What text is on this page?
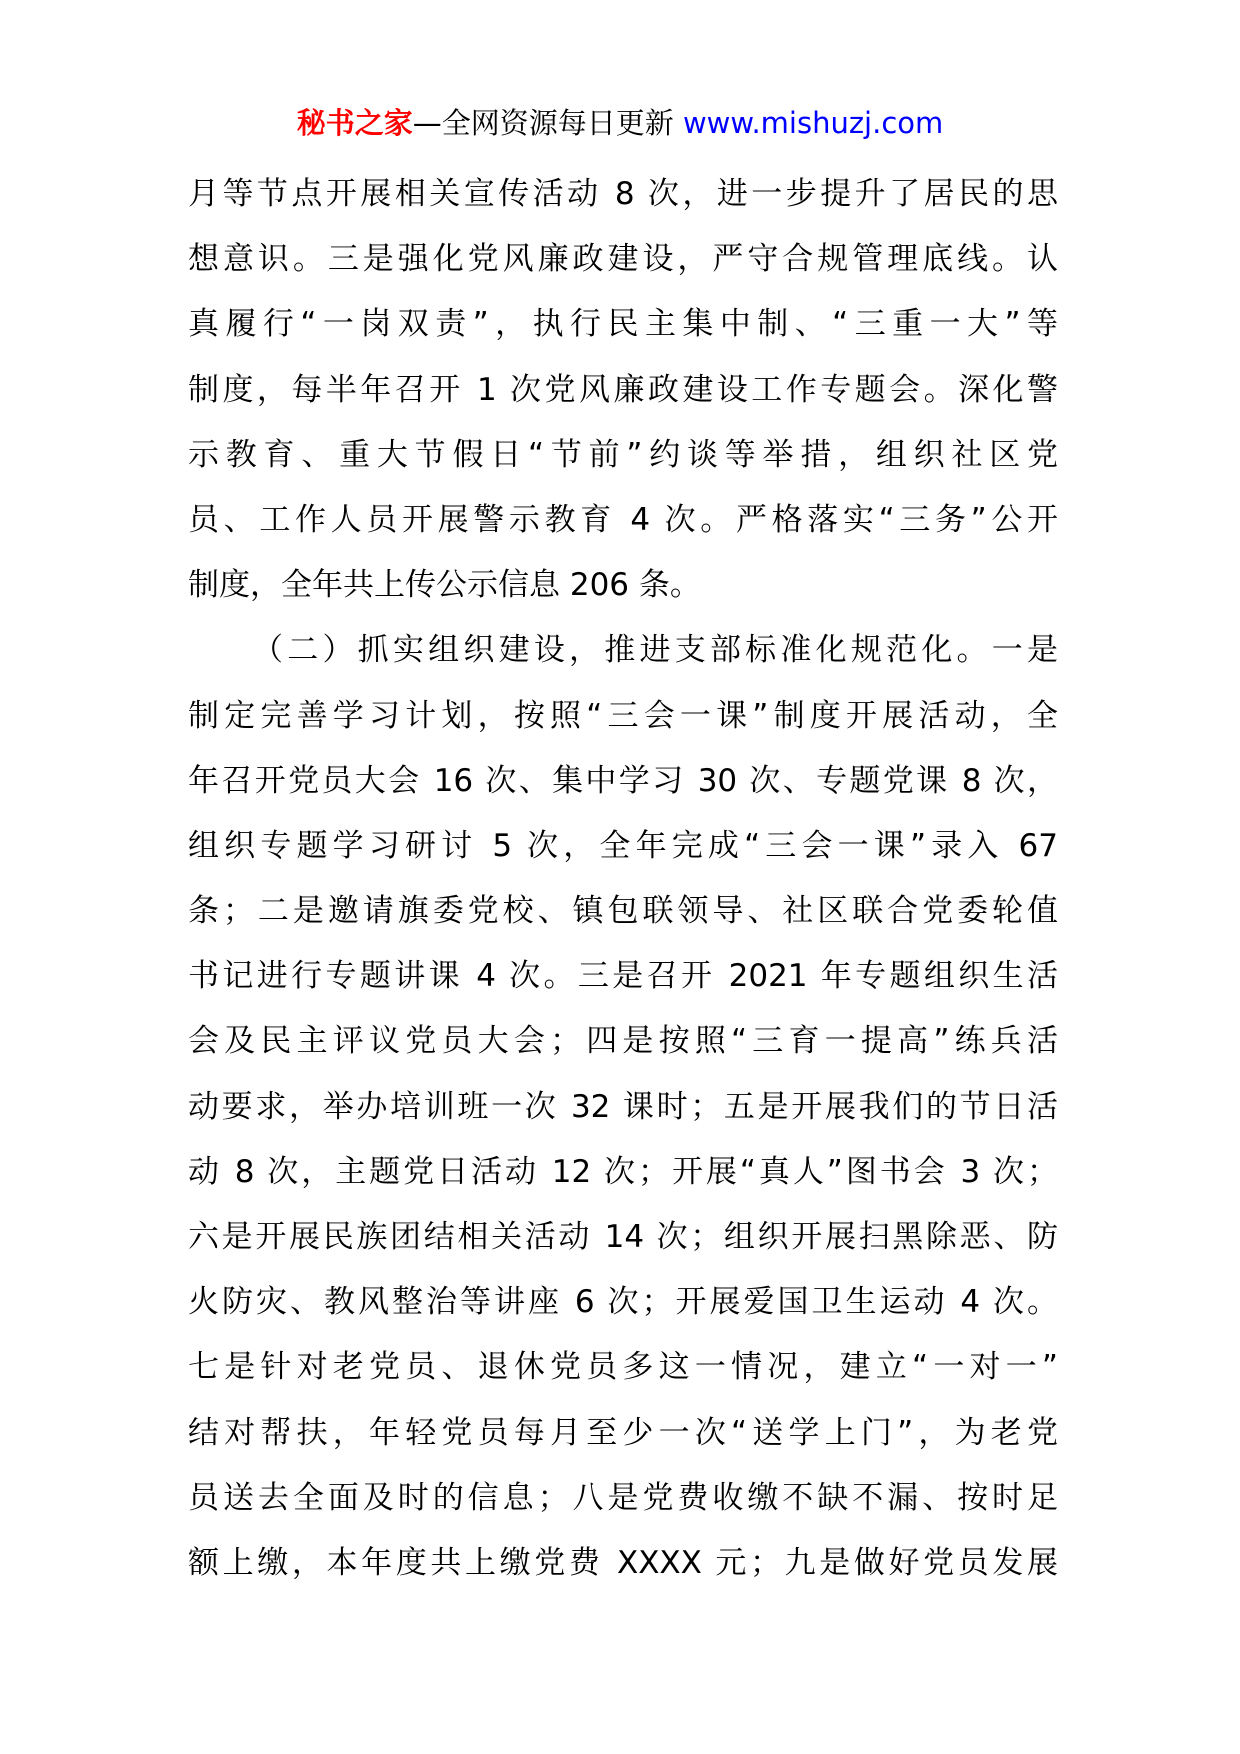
秘书之家—全网资源每日更新 www.mishuzj.com
月等节点开展相关宣传活动 8 次，进一步提升了居民的思
想意识。三是强化党风廉政建设，严守合规管理底线。认
真履行“一岗双责”，执行民主集中制、“三重一大”等
制度，每半年召开 1 次党风廉政建设工作专题会。深化警
示教育、重大节假日“节前”约谈等举措，组织社区党
员、工作人员开展警示教育 4 次。严格落实“三务”公开
制度，全年共上传公示信息 206 条。
（二）抓实组织建设，推进支部标准化规范化。一是
制定完善学习计划，按照“三会一课”制度开展活动，全
年召开党员大会 16 次、集中学习 30 次、专题党课 8 次，
组织专题学习研讨 5 次，全年完成“三会一课”录入 67
条；二是邀请旗委党校、镇包联领导、社区联合党委轮值
书记进行专题讲课 4 次。三是召开 2021 年专题组织生活
会及民主评议党员大会；四是按照“三育一提高”练兵活
动要求，举办培训班一次 32 课时；五是开展我们的节日活
动 8 次，主题党日活动 12 次；开展“真人”图书会 3 次；
六是开展民族团结相关活动 14 次；组织开展扫黑除恶、防
火防灾、教风整治等讲座 6 次；开展爱国卫生运动 4 次。
七是针对老党员、退休党员多这一情况，建立“一对一”
结对帮扶，年轻党员每月至少一次“送学上门”，为老党
员送去全面及时的信息；八是党费收缴不缺不漏、按时足
额上缴，本年度共上缴党费 XXXX 元；九是做好党员发展
